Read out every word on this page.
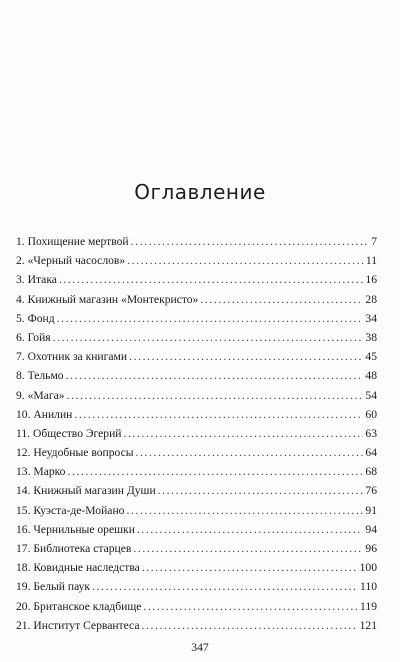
Оглавление
1. Похищение мертвой .....	7
2. «Черный часослов» .....	11
3. Итака .....	16
4. Книжный магазин «Монтекристо» .....	28
5. Фонд .....	34
6. Гойя .....	38
7. Охотник за книгами .....	45
8. Тельмо .....	48
9. «Мага» .....	54
10. Анилин .....	60
11. Общество Эгерий .....	63
12. Неудобные вопросы .....	64
13. Марко .....	68
14. Книжный магазин Души .....	76
15. Куэста-де-Мойано .....	91
16. Чернильные орешки .....	94
17. Библиотека старцев .....	96
18. Ковидные наследства .....	100
19. Белый паук .....	110
20. Британское кладбище .....	119
21. Институт Сервантеса .....	121
347
